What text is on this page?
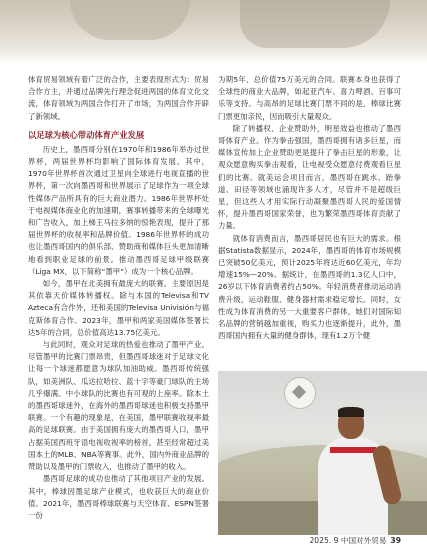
体育贸易领域有着广泛的合作，主要表现形式为：贸易合作方主，并通过品牌先行理念促进两国的体育文化交流，体育领域为两国合作打开了市场，为两国合作开辟了新领域。

以足球为核心带动体育产业发展

历史上，墨西哥分别在1970年和1986年举办过世界杯，两届世界杯均影响了国际体育发展。其中，1970年世界杯首次通过卫星向全球进行电视直播的世界杯，第一次向墨西哥和世界展示了足球作为一项全球性媒体产品所具有的巨大商业潜力。1986年世界杯处于电视媒体商业化的加速期，赛事转播带来的全球曝光和广告收入，加上梯王马拉多纳的惊艳表现，提升了那届世界杯的收视率和品牌价值。1986年世界杯的成功也让墨西哥国内的俱乐部、赞助商和媒体巨头更加清晰地看到职业足球的前景。推动墨西哥足球甲级联赛（Liga MX，以下简称“墨甲”）成为一个核心品牌。

如今，墨甲在北美拥有最庞大的联赛。主要原因是其依靠天价媒体转播权。除与本国的Televisa和TV Azteca有合作外，还和美国的Televisa Univisión与福克斯体育合作。2023年，墨甲和两家美国媒体签署长达5年的合同，总价值高达13.75亿美元。

与此同时，观众对足球的热爱也推动了墨甲产业。尽管墨甲的比赛门票昂贵，但墨西哥球迷对于足球文化让每一个球迷都愿意为球队加油助威。墨西哥传统强队，如美洲队、瓜达拉哈拉、蓝十字等豪门球队的主场几乎爆满。中小球队的比赛也有可观的上座率。除本土的墨西哥球迷外，在海外的墨西哥球迷也积极支持墨甲联赛。一个有趣的现象是，在美国，墨甲联赛收视率最高的足球联赛。由于美国拥有庞大的墨西哥人口，墨甲占据美国西班牙语电视收视率的榜首，甚至经常超过美国本土的MLB、NBA等赛事。此外，国内外商业品牌的赞助以及墨甲的门票收入，也推动了墨甲的收入。

墨西哥足球的成功也推动了其他项目产业的发展。其中，棒球因墨足球产业模式，也收获巨大的商业价值。2021年，墨西哥棒球联赛与天空体育、ESPN签署一份

为期5年、总价值75万美元的合同。联赛本身也获得了全球性的商业大品牌，如起亚汽车、喜力啤酒、百事可乐等支持。与高昂的足球比赛门票不同的是，棒球比赛门票更加亲民，因而吸引大量观众。

除了转播权、企业赞助外，明星效益也推动了墨西哥体育产业。作为拳击强国，墨西哥拥有诸多巨星，而媒体宣传加上企业赞助更是提升了拳击巨星的形象，让观众愿意购买拳击观看，让电视受众愿意付费观看巨星们的比赛。就美运会项目而言，墨西哥在跳水、跆拳道、田径等领域也涌现许多人才，尽管并不是超级巨星，但这些人才用实际行动凝聚墨西哥人民的爱国情怀，提升墨西哥国家荣誉，也为繁荣墨西哥体育贡献了力量。

就体育消费而言，墨西哥居民也有巨大的需求。根据Statista数据显示，2024年，墨西哥的体育市场规模已突破50亿美元，预计2025年将达近60亿美元，年均增速15%—20%。据统计，在墨西哥的1.3亿人口中，26岁以下体育消费者约占50%。年轻消费者推动运动消费升级，运动鞋服、健身器材需求稳定增长。同时，女性成为体育消费的另一大重要客户群体，她们对国际知名品牌的营销越加重视，购买力也逐渐提升，此外，墨西哥国内拥有大量的健身群体，现有1.2万个健

2025. 9 中国对外贸易 39
